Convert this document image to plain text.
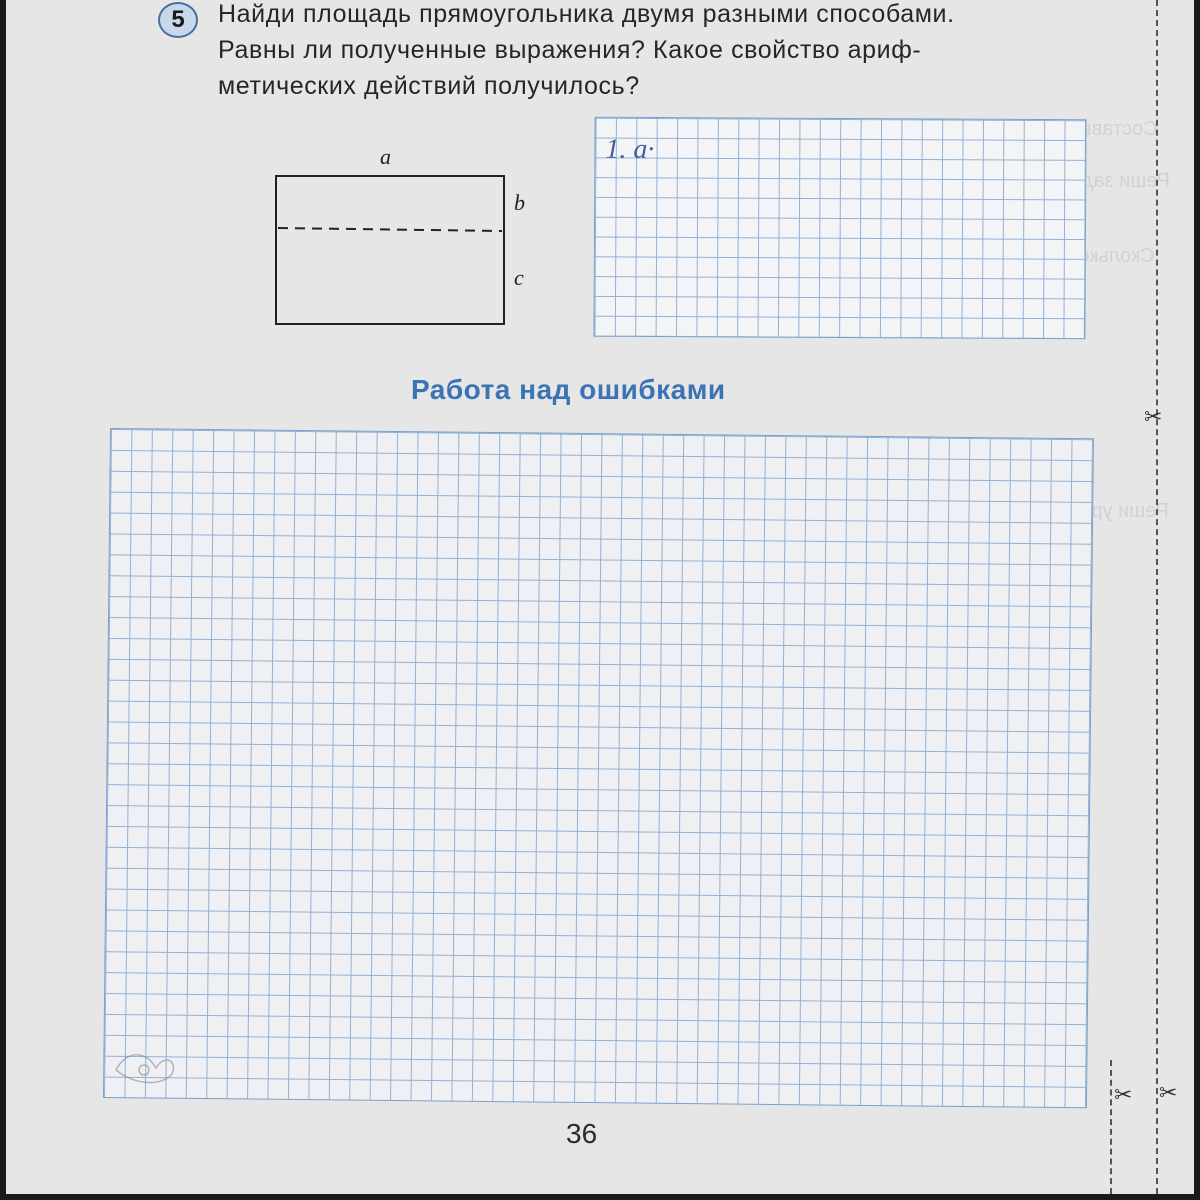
Составь
Реши
Сколько
Реши
5	Найди площадь прямоугольника двумя разными способами.
Равны ли полученные выражения? Какое свойство ариф-
метических действий получилось?
a
b
c
1. a·
Работа над ошибками
36
✂
✂ ✂
